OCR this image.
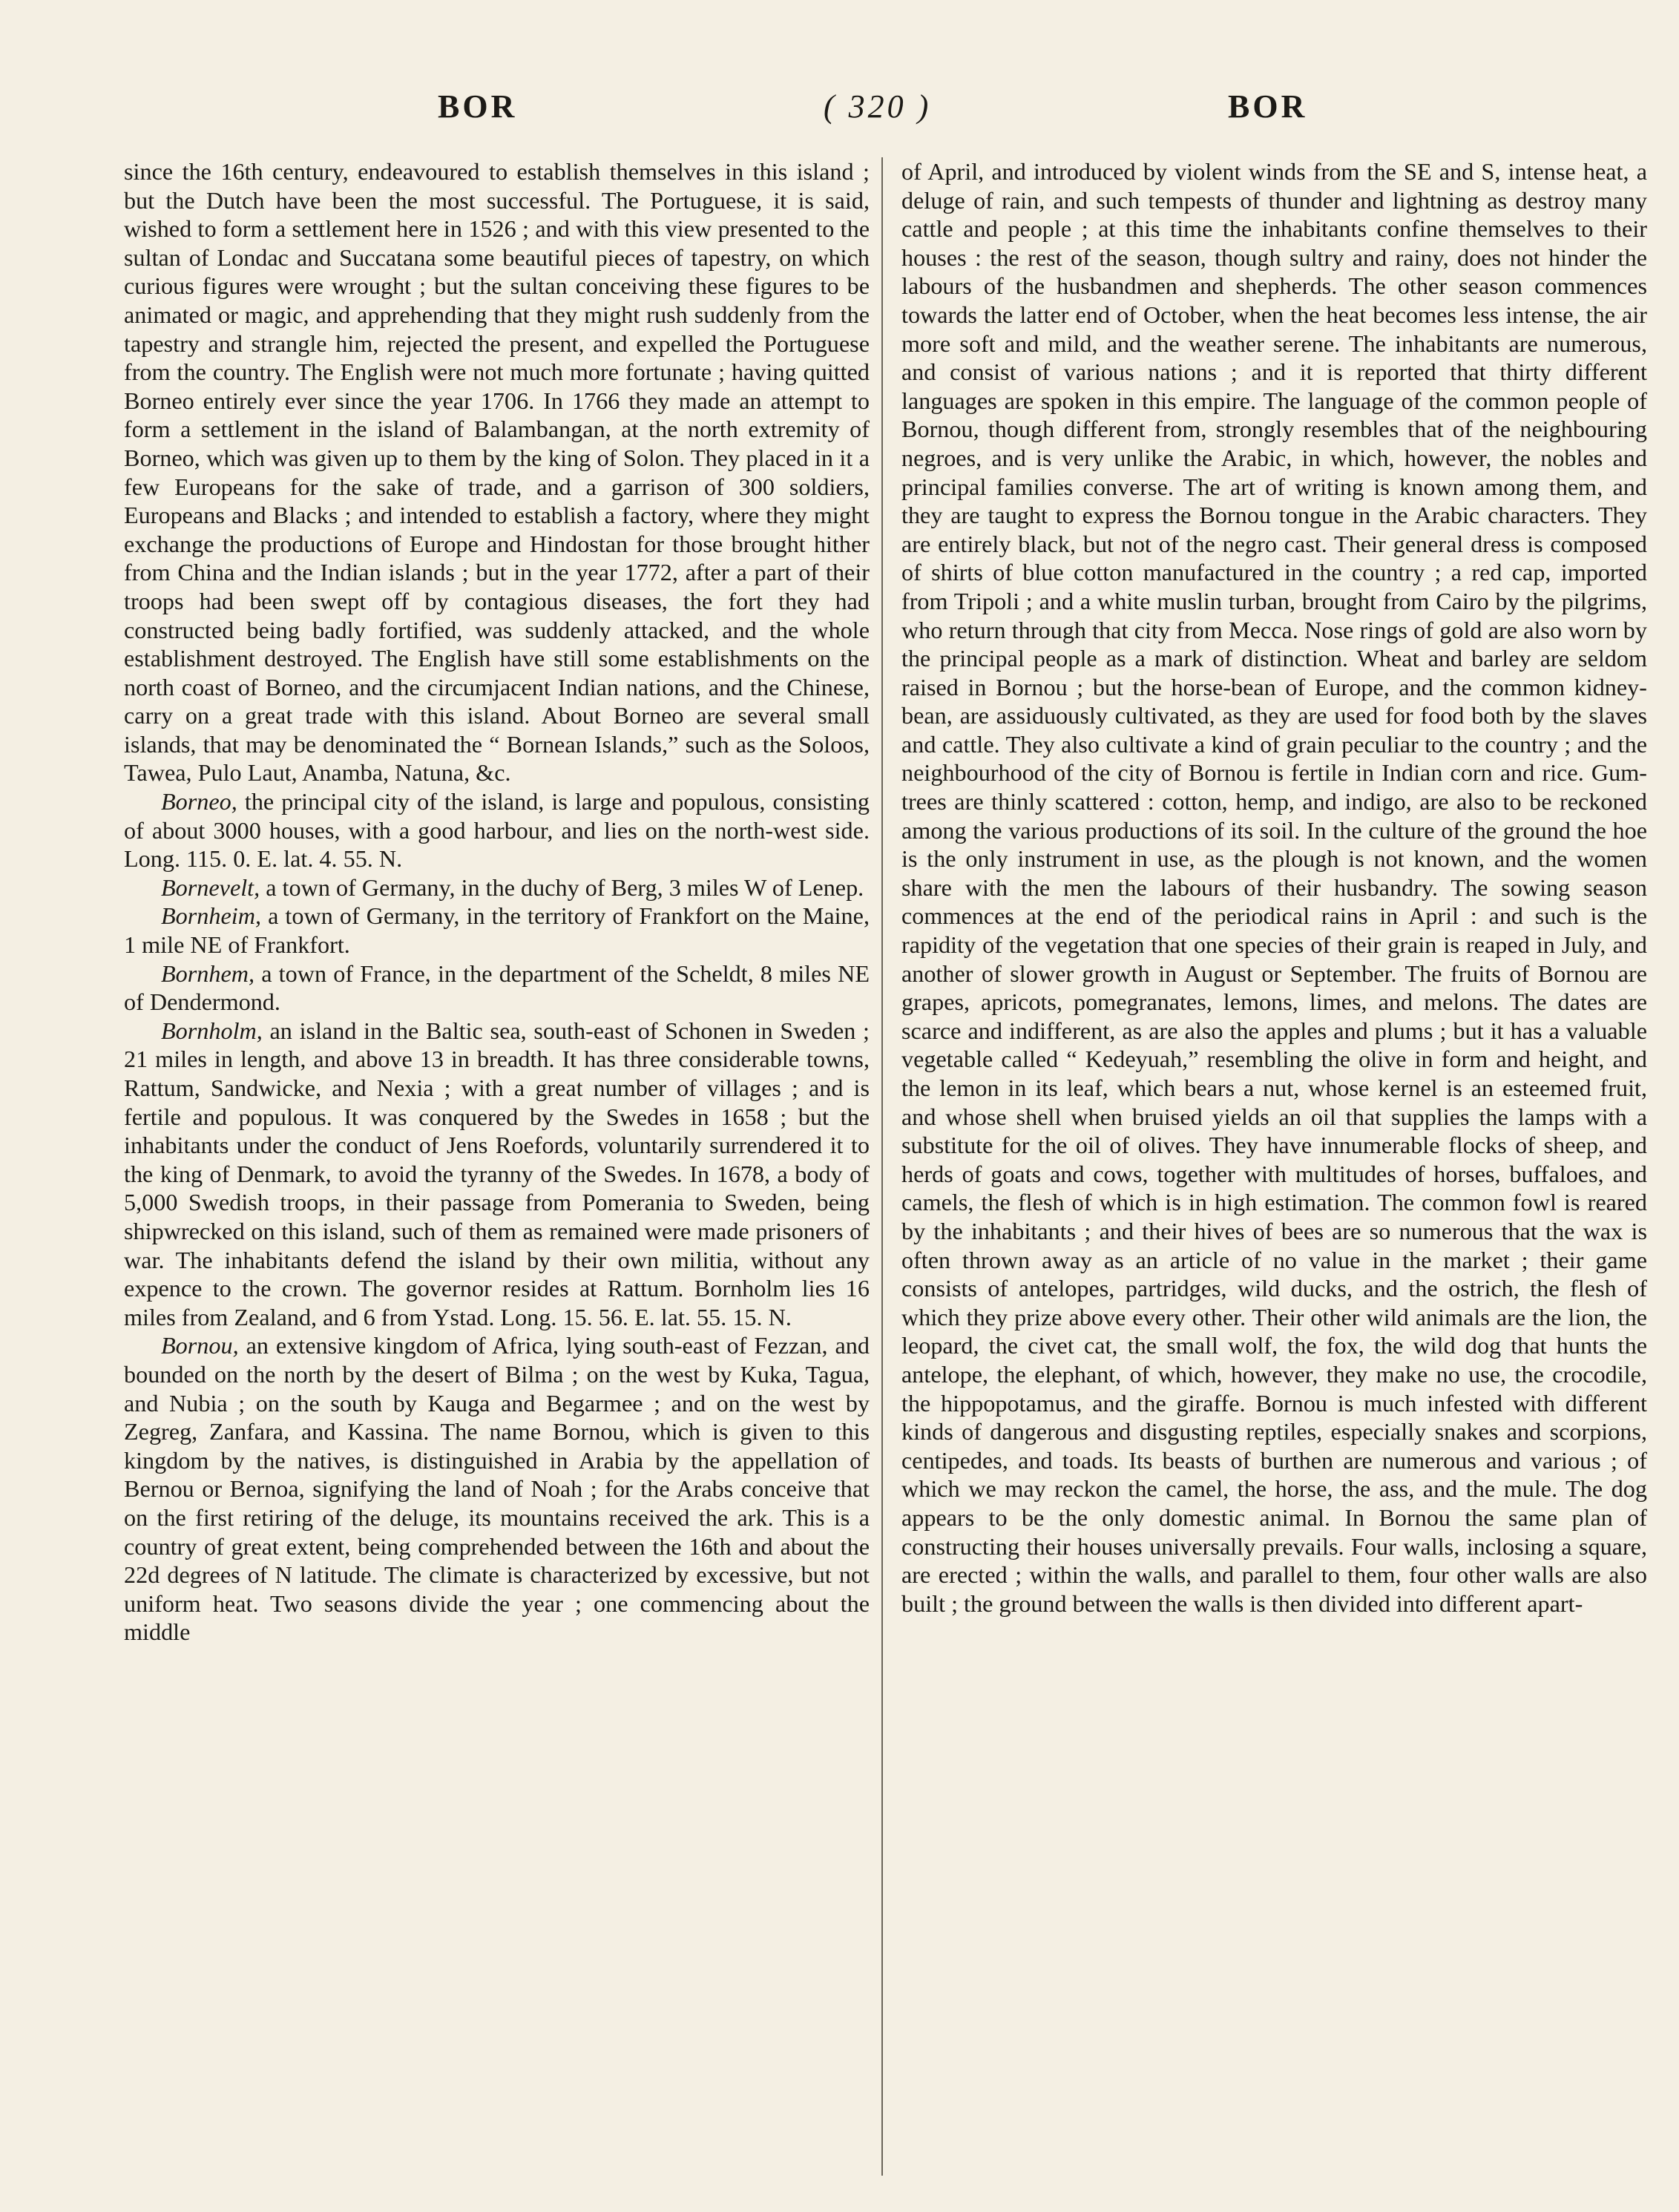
BOR	( 320 )	BOR

since the 16th century, endeavoured to establish themselves in this island ; but the Dutch have been the most successful. The Portuguese, it is said, wished to form a settlement here in 1526 ; and with this view presented to the sultan of Londac and Succatana some beautiful pieces of tapestry, on which curious figures were wrought ; but the sultan conceiving these figures to be animated or magic, and apprehending that they might rush suddenly from the tapestry and strangle him, rejected the present, and expelled the Portuguese from the country. The English were not much more fortunate ; having quitted Borneo entirely ever since the year 1706. In 1766 they made an attempt to form a settlement in the island of Balambangan, at the north extremity of Borneo, which was given up to them by the king of Solon. They placed in it a few Europeans for the sake of trade, and a garrison of 300 soldiers, Europeans and Blacks ; and intended to establish a factory, where they might exchange the productions of Europe and Hindostan for those brought hither from China and the Indian islands ; but in the year 1772, after a part of their troops had been swept off by contagious diseases, the fort they had constructed being badly fortified, was suddenly attacked, and the whole establishment destroyed. The English have still some establishments on the north coast of Borneo, and the circumjacent Indian nations, and the Chinese, carry on a great trade with this island. About Borneo are several small islands, that may be denominated the “ Bornean Islands,” such as the Soloos, Tawea, Pulo Laut, Anamba, Natuna, &c.

Borneo, the principal city of the island, is large and populous, consisting of about 3000 houses, with a good harbour, and lies on the north-west side. Long. 115. 0. E. lat. 4. 55. N.

Bornevelt, a town of Germany, in the duchy of Berg, 3 miles W of Lenep.

Bornheim, a town of Germany, in the territory of Frankfort on the Maine, 1 mile NE of Frankfort.

Bornhem, a town of France, in the department of the Scheldt, 8 miles NE of Dendermond.

Bornholm, an island in the Baltic sea, south-east of Schonen in Sweden ; 21 miles in length, and above 13 in breadth. It has three considerable towns, Rattum, Sandwicke, and Nexia ; with a great number of villages ; and is fertile and populous. It was conquered by the Swedes in 1658 ; but the inhabitants under the conduct of Jens Roefords, voluntarily surrendered it to the king of Denmark, to avoid the tyranny of the Swedes. In 1678, a body of 5,000 Swedish troops, in their passage from Pomerania to Sweden, being shipwrecked on this island, such of them as remained were made prisoners of war. The inhabitants defend the island by their own militia, without any expence to the crown. The governor resides at Rattum. Bornholm lies 16 miles from Zealand, and 6 from Ystad. Long. 15. 56. E. lat. 55. 15. N.

Bornou, an extensive kingdom of Africa, lying south-east of Fezzan, and bounded on the north by the desert of Bilma ; on the west by Kuka, Tagua, and Nubia ; on the south by Kauga and Begarmee ; and on the west by Zegreg, Zanfara, and Kassina. The name Bornou, which is given to this kingdom by the natives, is distinguished in Arabia by the appellation of Bernou or Bernoa, signifying the land of Noah ; for the Arabs conceive that on the first retiring of the deluge, its mountains received the ark. This is a country of great extent, being comprehended between the 16th and about the 22d degrees of N latitude. The climate is characterized by excessive, but not uniform heat. Two seasons divide the year ; one commencing about the middle

of April, and introduced by violent winds from the SE and S, intense heat, a deluge of rain, and such tempests of thunder and lightning as destroy many cattle and people ; at this time the inhabitants confine themselves to their houses : the rest of the season, though sultry and rainy, does not hinder the labours of the husbandmen and shepherds. The other season commences towards the latter end of October, when the heat becomes less intense, the air more soft and mild, and the weather serene. The inhabitants are numerous, and consist of various nations ; and it is reported that thirty different languages are spoken in this empire. The language of the common people of Bornou, though different from, strongly resembles that of the neighbouring negroes, and is very unlike the Arabic, in which, however, the nobles and principal families converse. The art of writing is known among them, and they are taught to express the Bornou tongue in the Arabic characters. They are entirely black, but not of the negro cast. Their general dress is composed of shirts of blue cotton manufactured in the country ; a red cap, imported from Tripoli ; and a white muslin turban, brought from Cairo by the pilgrims, who return through that city from Mecca. Nose rings of gold are also worn by the principal people as a mark of distinction. Wheat and barley are seldom raised in Bornou ; but the horse-bean of Europe, and the common kidney-bean, are assiduously cultivated, as they are used for food both by the slaves and cattle. They also cultivate a kind of grain peculiar to the country ; and the neighbourhood of the city of Bornou is fertile in Indian corn and rice. Gum-trees are thinly scattered : cotton, hemp, and indigo, are also to be reckoned among the various productions of its soil. In the culture of the ground the hoe is the only instrument in use, as the plough is not known, and the women share with the men the labours of their husbandry. The sowing season commences at the end of the periodical rains in April : and such is the rapidity of the vegetation that one species of their grain is reaped in July, and another of slower growth in August or September. The fruits of Bornou are grapes, apricots, pomegranates, lemons, limes, and melons. The dates are scarce and indifferent, as are also the apples and plums ; but it has a valuable vegetable called “ Kedeyuah,” resembling the olive in form and height, and the lemon in its leaf, which bears a nut, whose kernel is an esteemed fruit, and whose shell when bruised yields an oil that supplies the lamps with a substitute for the oil of olives. They have innumerable flocks of sheep, and herds of goats and cows, together with multitudes of horses, buffaloes, and camels, the flesh of which is in high estimation. The common fowl is reared by the inhabitants ; and their hives of bees are so numerous that the wax is often thrown away as an article of no value in the market ; their game consists of antelopes, partridges, wild ducks, and the ostrich, the flesh of which they prize above every other. Their other wild animals are the lion, the leopard, the civet cat, the small wolf, the fox, the wild dog that hunts the antelope, the elephant, of which, however, they make no use, the crocodile, the hippopotamus, and the giraffe. Bornou is much infested with different kinds of dangerous and disgusting reptiles, especially snakes and scorpions, centipedes, and toads. Its beasts of burthen are numerous and various ; of which we may reckon the camel, the horse, the ass, and the mule. The dog appears to be the only domestic animal. In Bornou the same plan of constructing their houses universally prevails. Four walls, inclosing a square, are erected ; within the walls, and parallel to them, four other walls are also built ; the ground between the walls is then divided into different apart-
